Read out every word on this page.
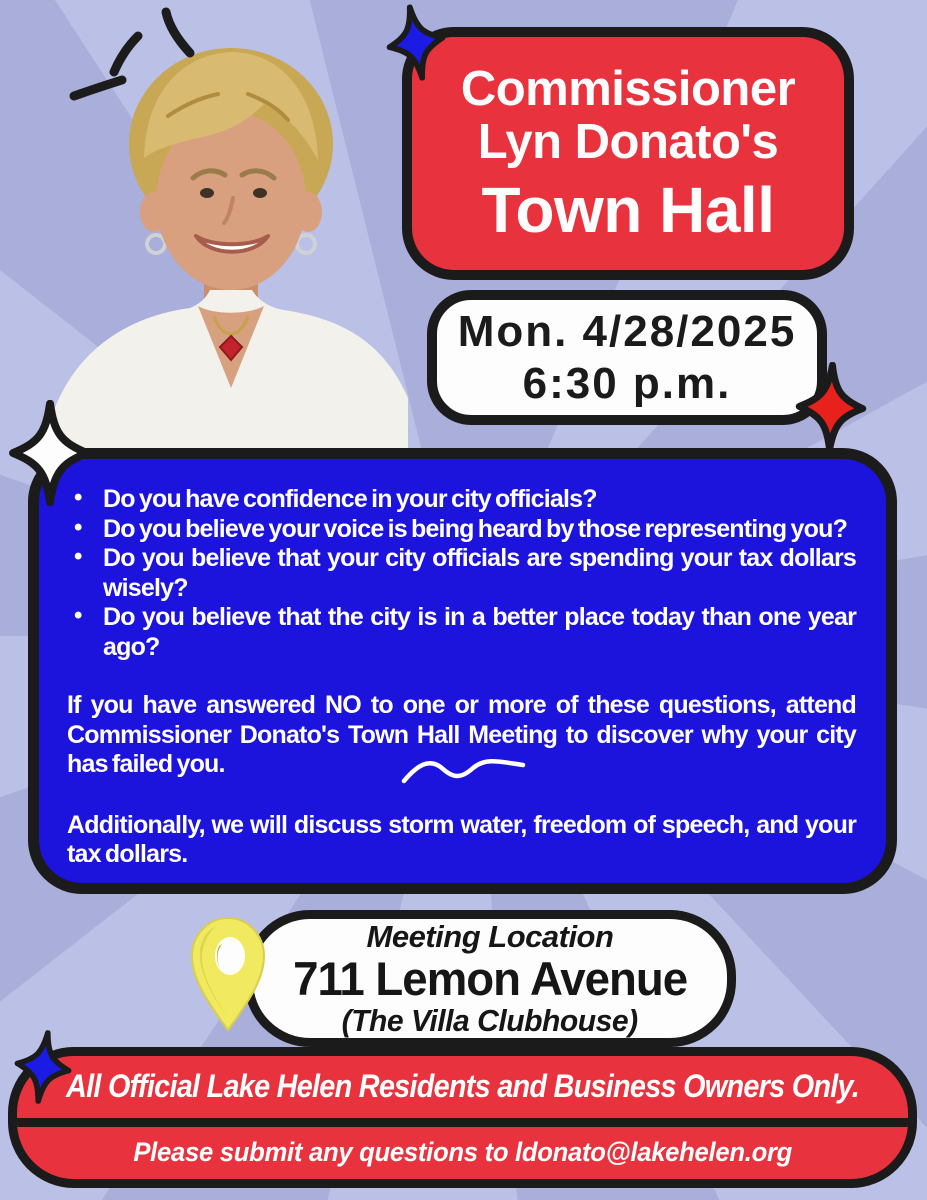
Commissioner
Lyn Donato's
Town Hall
Mon. 4/28/2025
6:30 p.m.
• Do you have confidence in your city officials?
• Do you believe your voice is being heard by those representing you?
• Do you believe that your city officials are spending your tax dollars wisely?
• Do you believe that the city is in a better place today than one year ago?

If you have answered NO to one or more of these questions, attend Commissioner Donato's Town Hall Meeting to discover why your city has failed you.

Additionally, we will discuss storm water, freedom of speech, and your tax dollars.

Meeting Location
711 Lemon Avenue
(The Villa Clubhouse)
All Official Lake Helen Residents and Business Owners Only.
Please submit any questions to ldonato@lakehelen.org
